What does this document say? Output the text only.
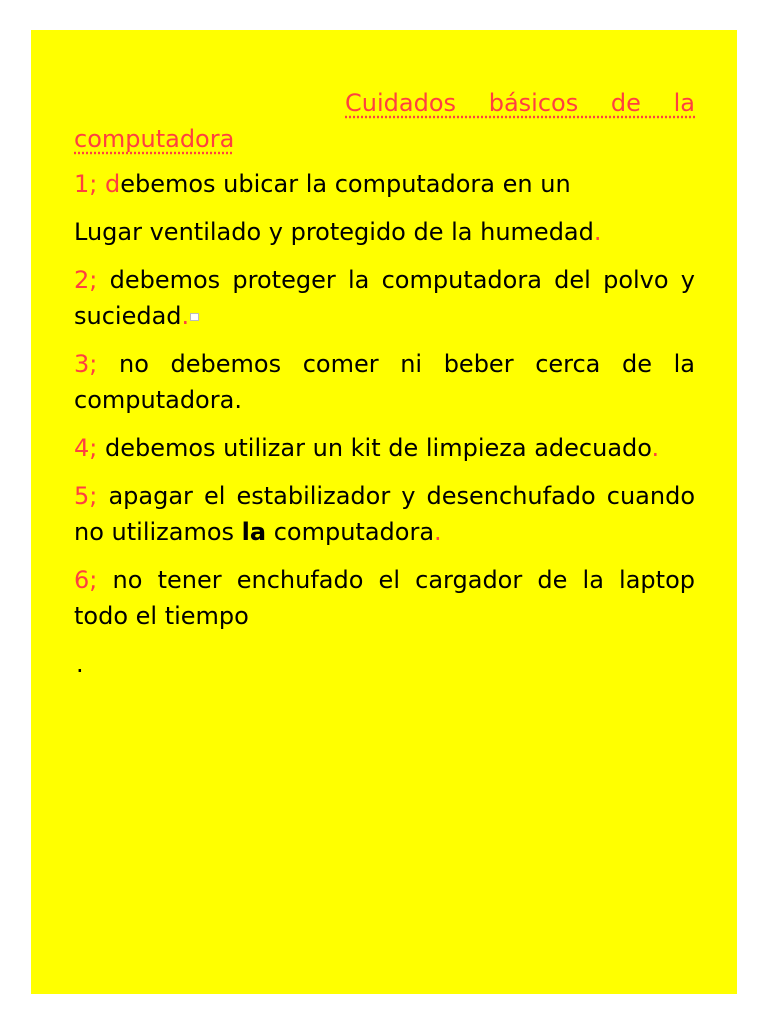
Cuidados básicos de la
computadora

1; debemos ubicar la computadora en un

Lugar ventilado y protegido de la humedad.

2; debemos proteger la computadora del polvo y suciedad.

3; no debemos comer ni beber cerca de la computadora.

4; debemos utilizar un kit de limpieza adecuado.

5; apagar el estabilizador y desenchufado cuando no utilizamos la computadora.

6; no tener enchufado el cargador de la laptop todo el tiempo

.
